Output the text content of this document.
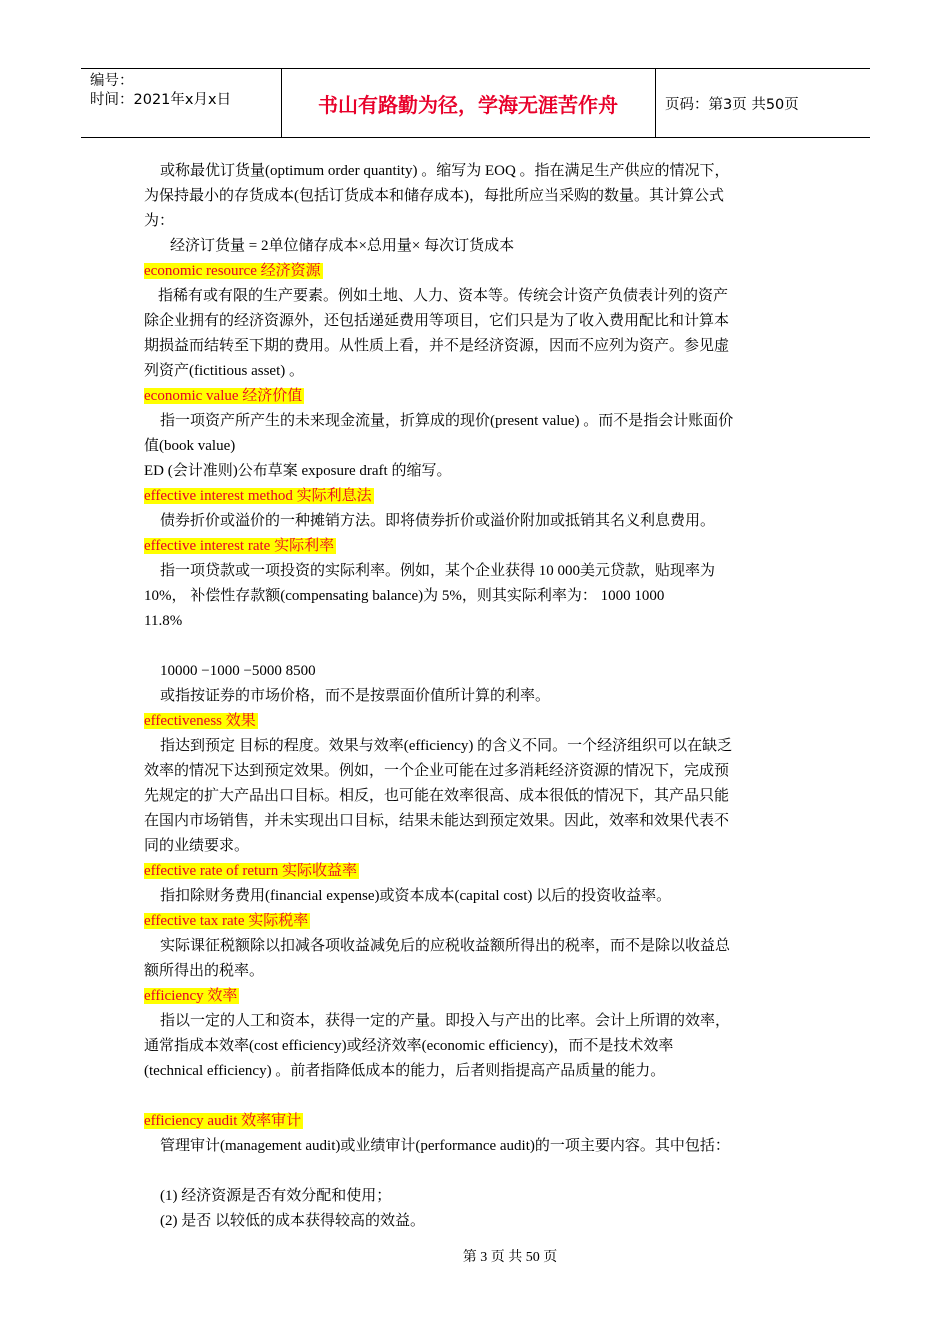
编号：
时间：2021年x月x日	书山有路勤为径，学海无涯苦作舟	页码：第3页 共50页
或称最优订货量(optimum order quantity) 。缩写为 EOQ 。指在满足生产供应的情况下，
为保持最小的存货成本(包括订货成本和储存成本)，每批所应当采购的数量。其计算公式
为：
经济订货量 = 2单位储存成本×总用量× 每次订货成本
economic resource 经济资源
指稀有或有限的生产要素。例如土地、人力、资本等。传统会计资产负债表计列的资产
除企业拥有的经济资源外，还包括递延费用等项目，它们只是为了收入费用配比和计算本
期损益而结转至下期的费用。从性质上看，并不是经济资源，因而不应列为资产。参见虚
列资产(fictitious asset) 。
economic value 经济价值
指一项资产所产生的未来现金流量，折算成的现价(present value) 。而不是指会计账面价
值(book value)
ED (会计准则)公布草案 exposure draft 的缩写。
effective interest method 实际利息法
债券折价或溢价的一种摊销方法。即将债券折价或溢价附加或抵销其名义利息费用。
effective interest rate 实际利率
指一项贷款或一项投资的实际利率。例如，某个企业获得 10 000美元贷款，贴现率为
10%， 补偿性存款额(compensating balance)为 5%，则其实际利率为： 1000 1000
11.8%
10000 −1000 −5000 8500
或指按证券的市场价格，而不是按票面价值所计算的利率。
effectiveness 效果
指达到预定 目标的程度。效果与效率(efficiency) 的含义不同。一个经济组织可以在缺乏
效率的情况下达到预定效果。例如，一个企业可能在过多消耗经济资源的情况下，完成预
先规定的扩大产品出口目标。相反，也可能在效率很高、成本很低的情况下，其产品只能
在国内市场销售，并未实现出口目标，结果未能达到预定效果。因此，效率和效果代表不
同的业绩要求。
effective rate of return 实际收益率
指扣除财务费用(financial expense)或资本成本(capital cost) 以后的投资收益率。
effective tax rate 实际税率
实际课征税额除以扣减各项收益减免后的应税收益额所得出的税率，而不是除以收益总
额所得出的税率。
efficiency 效率
指以一定的人工和资本，获得一定的产量。即投入与产出的比率。会计上所谓的效率，
通常指成本效率(cost efficiency)或经济效率(economic efficiency)，而不是技术效率
(technical efficiency) 。前者指降低成本的能力，后者则指提高产品质量的能力。
efficiency audit 效率审计
管理审计(management audit)或业绩审计(performance audit)的一项主要内容。其中包括：
(1) 经济资源是否有效分配和使用；
(2) 是否 以较低的成本获得较高的效益。
第 3 页 共 50 页
